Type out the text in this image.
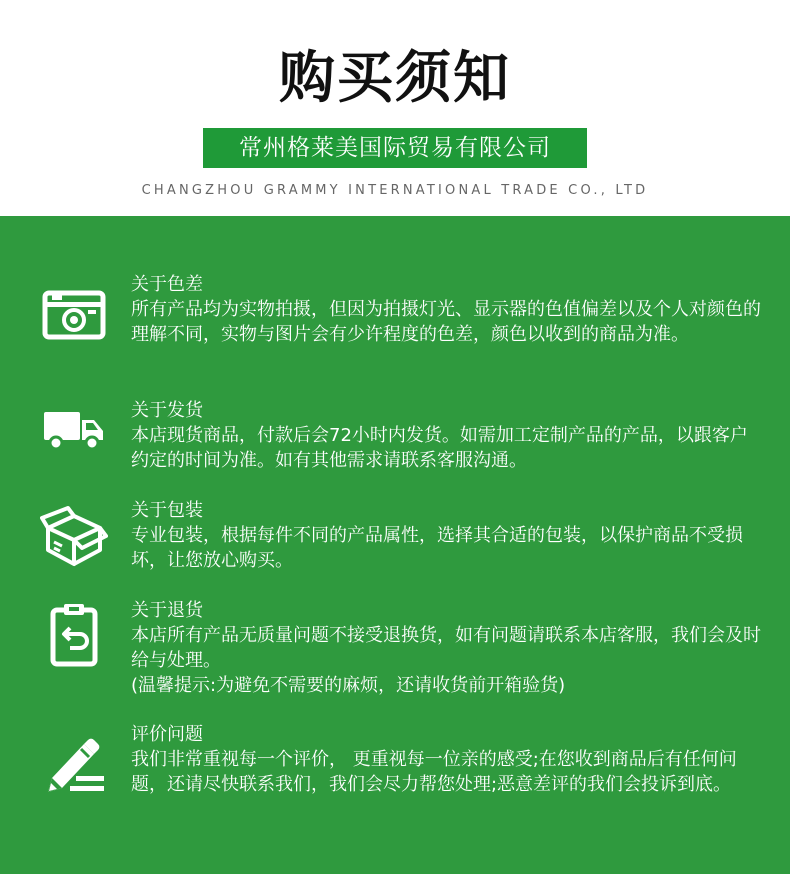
购买须知
常州格莱美国际贸易有限公司
CHANGZHOU GRAMMY INTERNATIONAL TRADE CO., LTD
关于色差
所有产品均为实物拍摄，但因为拍摄灯光、显示器的色值偏差以及个人对颜色的理解不同，实物与图片会有少许程度的色差，颜色以收到的商品为准。
关于发货
本店现货商品，付款后会72小时内发货。如需加工定制产品的产品，以跟客户约定的时间为准。如有其他需求请联系客服沟通。
关于包装
专业包装，根据每件不同的产品属性，选择其合适的包装，以保护商品不受损坏，让您放心购买。
关于退货
本店所有产品无质量问题不接受退换货，如有问题请联系本店客服，我们会及时给与处理。
(温馨提示:为避免不需要的麻烦，还请收货前开箱验货)
评价问题
我们非常重视每一个评价， 更重视每一位亲的感受;在您收到商品后有任何问题，还请尽快联系我们，我们会尽力帮您处理;恶意差评的我们会投诉到底。
